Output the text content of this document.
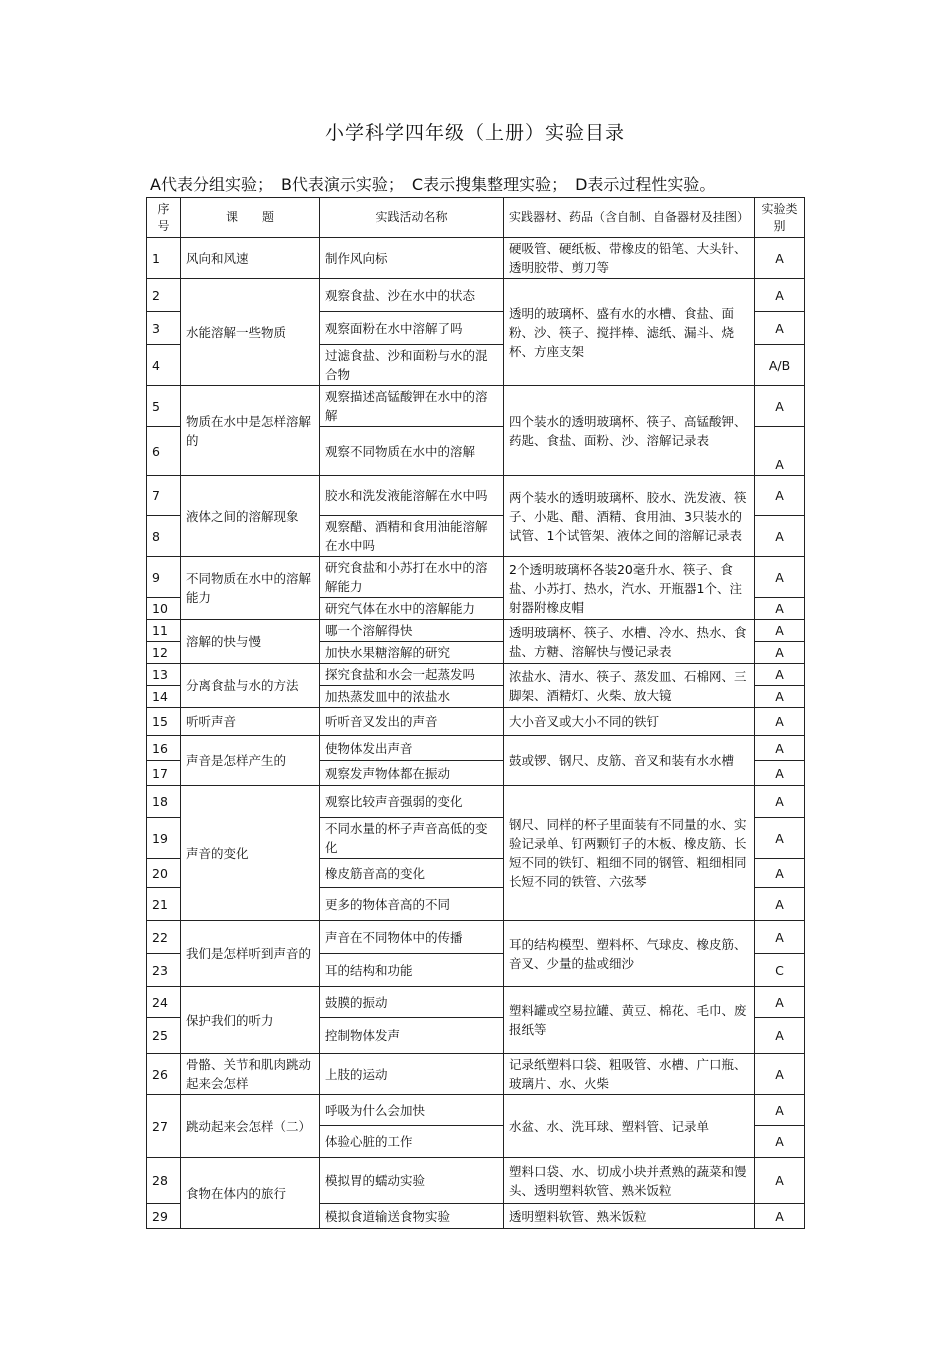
小学科学四年级（上册）实验目录
A代表分组实验；　B代表演示实验；　C表示搜集整理实验；　D表示过程性实验。
序号	课　　题	实践活动名称	实践器材、药品（含自制、自备器材及挂图）	实验类别
1	风向和风速	制作风向标	硬吸管、硬纸板、带橡皮的铅笔、大头针、透明胶带、剪刀等	A
2	水能溶解一些物质	观察食盐、沙在水中的状态	透明的玻璃杯、盛有水的水槽、食盐、面粉、沙、筷子、搅拌棒、滤纸、漏斗、烧杯、方座支架	A
3		观察面粉在水中溶解了吗		A
4		过滤食盐、沙和面粉与水的混合物		A/B
5	物质在水中是怎样溶解的	观察描述高锰酸钾在水中的溶解	四个装水的透明玻璃杯、筷子、高锰酸钾、药匙、食盐、面粉、沙、溶解记录表	A
6		观察不同物质在水中的溶解		A
7	液体之间的溶解现象	胶水和洗发液能溶解在水中吗	两个装水的透明玻璃杯、胶水、洗发液、筷子、小匙、醋、酒精、食用油、3只装水的试管、1个试管架、液体之间的溶解记录表	A
8		观察醋、酒精和食用油能溶解在水中吗		A
9	不同物质在水中的溶解能力	研究食盐和小苏打在水中的溶解能力	2个透明玻璃杯各装20毫升水、筷子、食盐、小苏打、热水，汽水、开瓶器1个、注射器附橡皮帽	A
10		研究气体在水中的溶解能力		A
11	溶解的快与慢	哪一个溶解得快	透明玻璃杯、筷子、水槽、冷水、热水、食盐、方糖、溶解快与慢记录表	A
12		加快水果糖溶解的研究		A
13	分离食盐与水的方法	探究食盐和水会一起蒸发吗	浓盐水、清水、筷子、蒸发皿、石棉网、三脚架、酒精灯、火柴、放大镜	A
14		加热蒸发皿中的浓盐水		A
15	听听声音	听听音叉发出的声音	大小音叉或大小不同的铁钉	A
16	声音是怎样产生的	使物体发出声音	鼓或锣、钢尺、皮筋、音叉和装有水水槽	A
17		观察发声物体都在振动		A
18	声音的变化	观察比较声音强弱的变化	钢尺、同样的杯子里面装有不同量的水、实验记录单、钉两颗钉子的木板、橡皮筋、长短不同的铁钉、粗细不同的钢管、粗细相同长短不同的铁管、六弦琴	A
19		不同水量的杯子声音高低的变化		A
20		橡皮筋音高的变化		A
21		更多的物体音高的不同		A
22	我们是怎样听到声音的	声音在不同物体中的传播	耳的结构模型、塑料杯、气球皮、橡皮筋、音叉、少量的盐或细沙	A
23		耳的结构和功能		C
24	保护我们的听力	鼓膜的振动	塑料罐或空易拉罐、黄豆、棉花、毛巾、废报纸等	A
25		控制物体发声		A
26	骨骼、关节和肌肉跳动起来会怎样	上肢的运动	记录纸塑料口袋、粗吸管、水槽、广口瓶、玻璃片、水、火柴	A
27	跳动起来会怎样（二）	呼吸为什么会加快	水盆、水、洗耳球、塑料管、记录单	A
		体验心脏的工作		A
28	食物在体内的旅行	模拟胃的蠕动实验	塑料口袋、水、切成小块并煮熟的蔬菜和馒头、透明塑料软管、熟米饭粒	A
29		模拟食道输送食物实验	透明塑料软管、熟米饭粒	A
